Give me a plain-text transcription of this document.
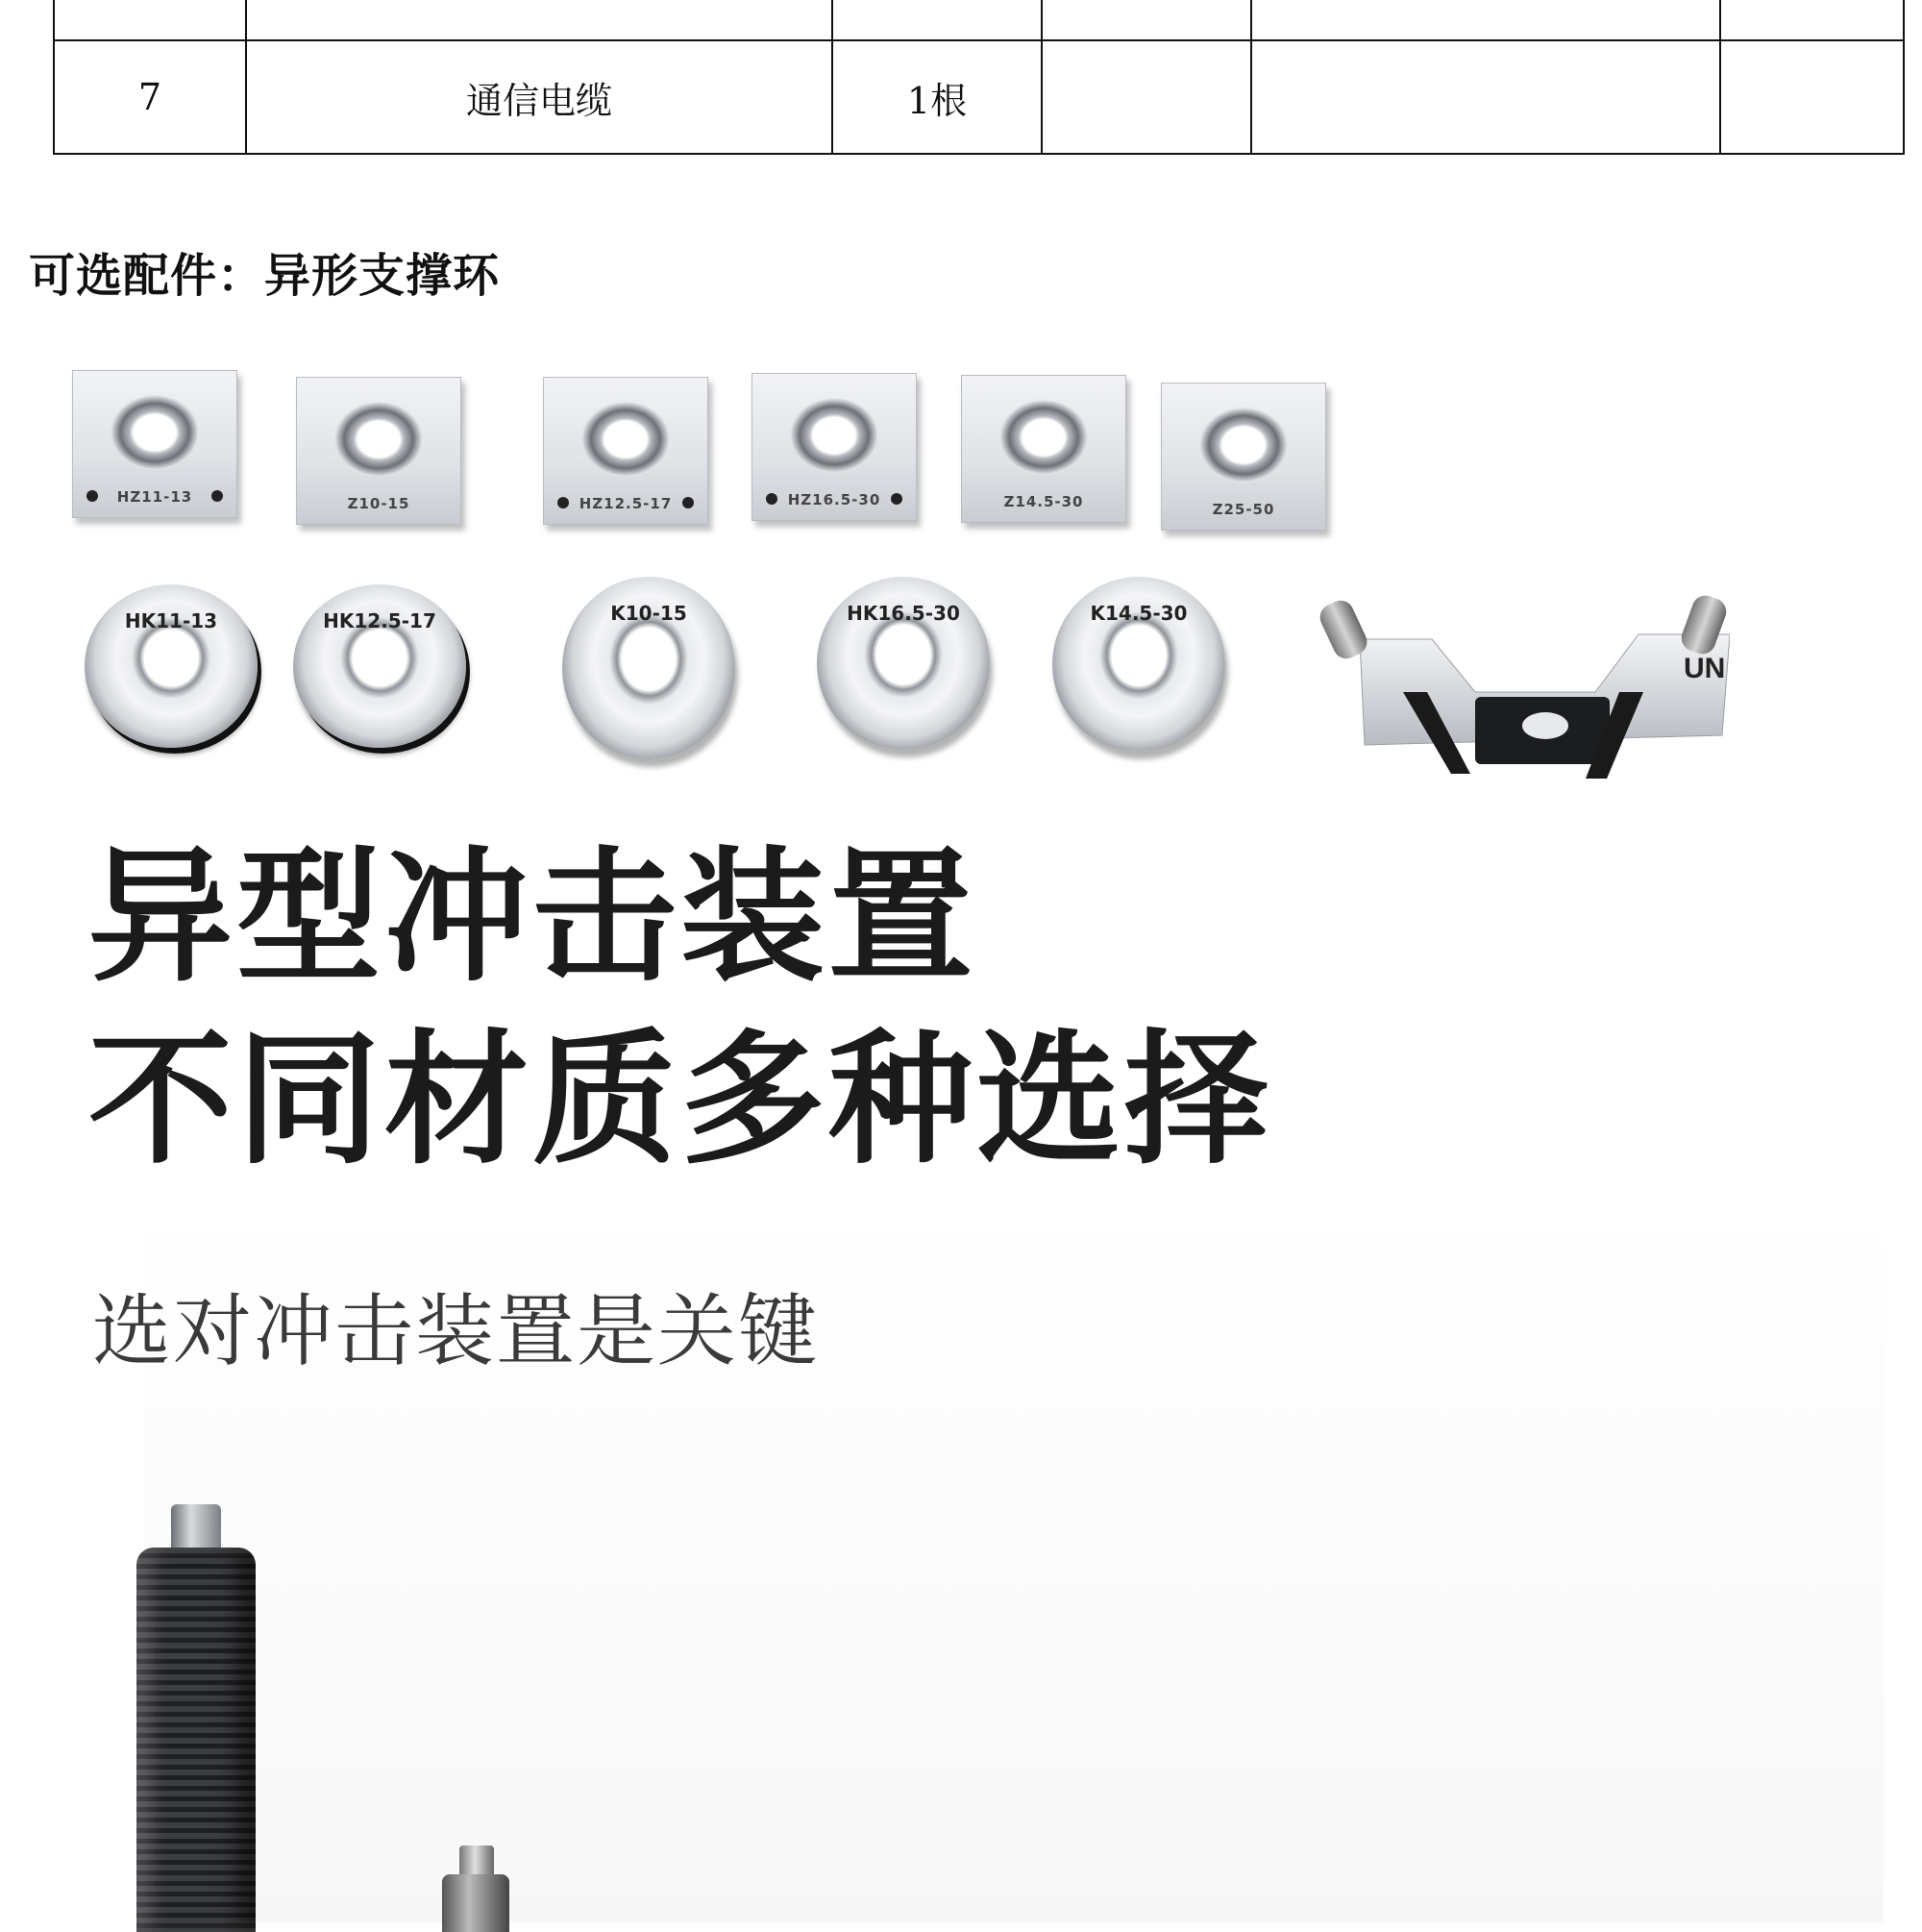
7	通信电缆	1根			
可选配件：异形支撑环
HZ11-13	Z10-15	HZ12.5-17	HZ16.5-30	Z14.5-30	Z25-50
HK11-13	HK12.5-17	K10-15	HK16.5-30	K14.5-30
UN
异型冲击装置
不同材质多种选择
选对冲击装置是关键
